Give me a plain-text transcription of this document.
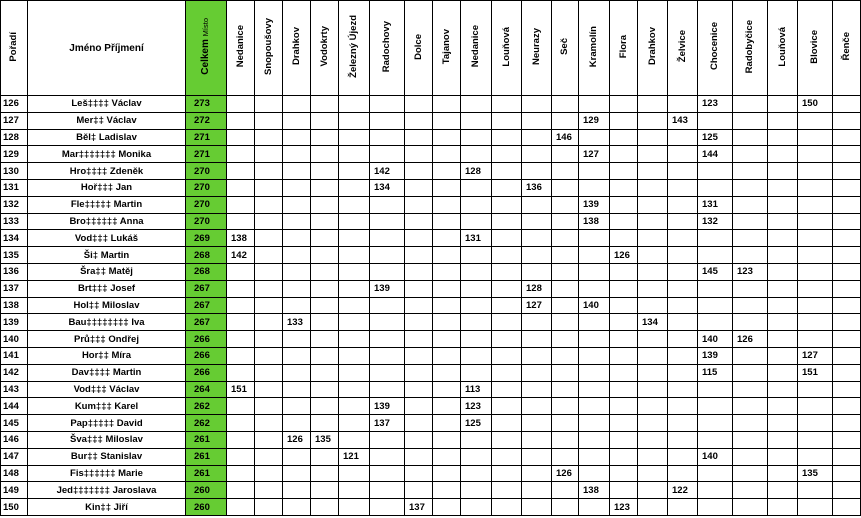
Pořadí	Jméno Příjmení	Celkem Místo	Nedanice	Snopoušovy	Drahkov	Vodokrty	Železný Újezd	Radochovy	Dolce	Tajanov	Nedanice	Louňová	Neurazy	Seč	Kramolín	Flora	Drahkov	Želvice	Chocenice	Radobyčice	Louňová	Blovice	Řenče
126	Leš‡‡‡‡ Václav	273																	123			150	
127	Mer‡‡ Václav	272													129			143					
128	Běl‡ Ladislav	271												146					125				
129	Mar‡‡‡‡‡‡‡ Monika	271													127				144				
130	Hro‡‡‡‡ Zdeněk	270						142			128												
131	Hoř‡‡‡ Jan	270						134					136										
132	Fle‡‡‡‡‡ Martin	270													139				131				
133	Bro‡‡‡‡‡‡ Anna	270													138				132				
134	Vod‡‡‡ Lukáš	269	138								131												
135	Ši‡ Martin	268	142													126							
136	Šra‡‡ Matěj	268																	145	123			
137	Brt‡‡‡ Josef	267						139					128										
138	Hol‡‡ Miloslav	267											127		140								
139	Bau‡‡‡‡‡‡‡‡ Iva	267			133												134						
140	Prů‡‡‡ Ondřej	266																	140	126			
141	Hor‡‡ Míra	266																	139			127	
142	Dav‡‡‡‡ Martin	266																	115			151	
143	Vod‡‡‡ Václav	264	151								113												
144	Kum‡‡‡ Karel	262						139			123												
145	Pap‡‡‡‡‡ David	262						137			125												
146	Šva‡‡‡ Miloslav	261			126	135																	
147	Bur‡‡ Stanislav	261					121												140				
148	Fis‡‡‡‡‡‡ Marie	261												126								135	
149	Jed‡‡‡‡‡‡‡ Jaroslava	260													138			122					
150	Kin‡‡ Jiří	260							137							123							
